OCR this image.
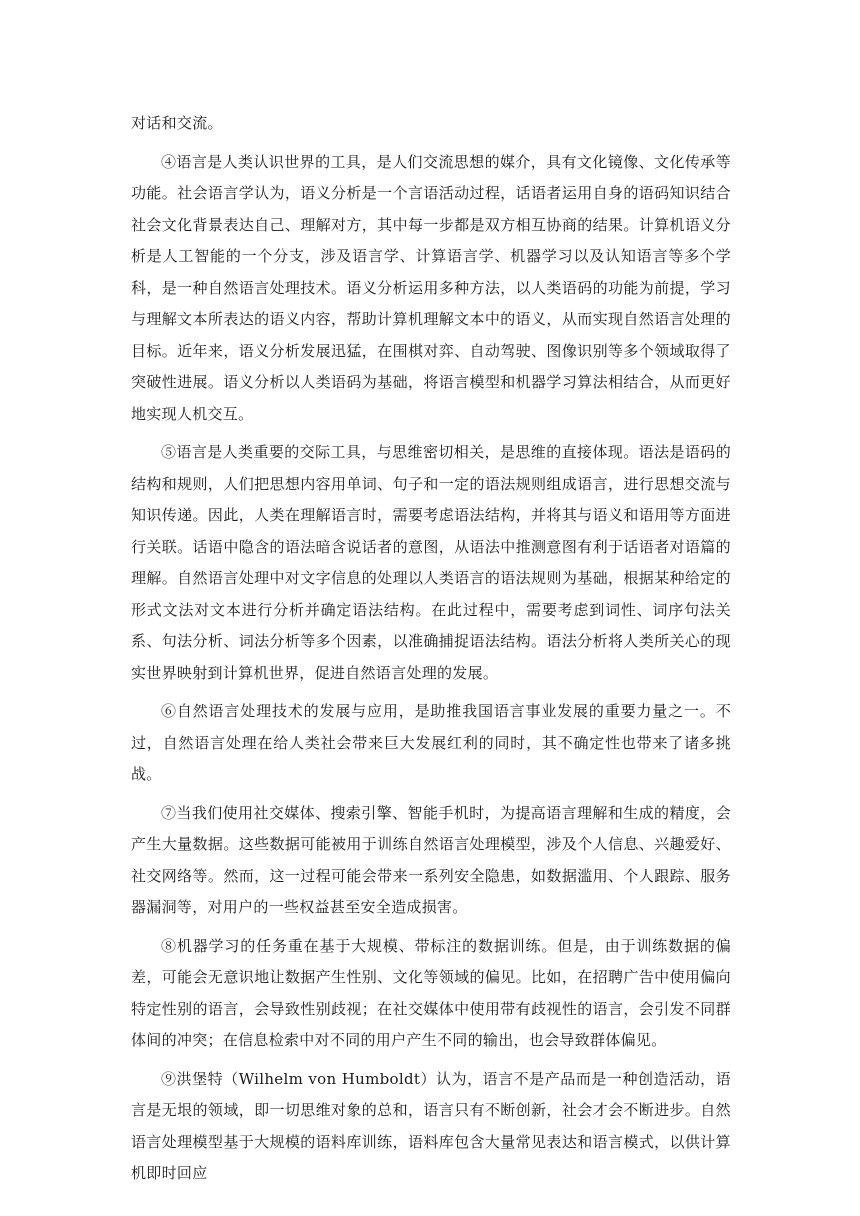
对话和交流。

④语言是人类认识世界的工具，是人们交流思想的媒介，具有文化镜像、文化传承等功能。社会语言学认为，语义分析是一个言语活动过程，话语者运用自身的语码知识结合社会文化背景表达自己、理解对方，其中每一步都是双方相互协商的结果。计算机语义分析是人工智能的一个分支，涉及语言学、计算语言学、机器学习以及认知语言等多个学科，是一种自然语言处理技术。语义分析运用多种方法，以人类语码的功能为前提，学习与理解文本所表达的语义内容，帮助计算机理解文本中的语义，从而实现自然语言处理的目标。近年来，语义分析发展迅猛，在围棋对弈、自动驾驶、图像识别等多个领域取得了突破性进展。语义分析以人类语码为基础，将语言模型和机器学习算法相结合，从而更好地实现人机交互。

⑤语言是人类重要的交际工具，与思维密切相关，是思维的直接体现。语法是语码的结构和规则，人们把思想内容用单词、句子和一定的语法规则组成语言，进行思想交流与知识传递。因此，人类在理解语言时，需要考虑语法结构，并将其与语义和语用等方面进行关联。话语中隐含的语法暗含说话者的意图，从语法中推测意图有利于话语者对语篇的理解。自然语言处理中对文字信息的处理以人类语言的语法规则为基础，根据某种给定的形式文法对文本进行分析并确定语法结构。在此过程中，需要考虑到词性、词序句法关系、句法分析、词法分析等多个因素，以准确捕捉语法结构。语法分析将人类所关心的现实世界映射到计算机世界，促进自然语言处理的发展。

⑥自然语言处理技术的发展与应用，是助推我国语言事业发展的重要力量之一。不过，自然语言处理在给人类社会带来巨大发展红利的同时，其不确定性也带来了诸多挑战。

⑦当我们使用社交媒体、搜索引擎、智能手机时，为提高语言理解和生成的精度，会产生大量数据。这些数据可能被用于训练自然语言处理模型，涉及个人信息、兴趣爱好、社交网络等。然而，这一过程可能会带来一系列安全隐患，如数据滥用、个人跟踪、服务器漏洞等，对用户的一些权益甚至安全造成损害。

⑧机器学习的任务重在基于大规模、带标注的数据训练。但是，由于训练数据的偏差，可能会无意识地让数据产生性别、文化等领域的偏见。比如，在招聘广告中使用偏向特定性别的语言，会导致性别歧视；在社交媒体中使用带有歧视性的语言，会引发不同群体间的冲突；在信息检索中对不同的用户产生不同的输出，也会导致群体偏见。

⑨洪堡特（Wilhelm von Humboldt）认为，语言不是产品而是一种创造活动，语言是无垠的领域，即一切思维对象的总和，语言只有不断创新，社会才会不断进步。自然语言处理模型基于大规模的语料库训练，语料库包含大量常见表达和语言模式，以供计算机即时回应
